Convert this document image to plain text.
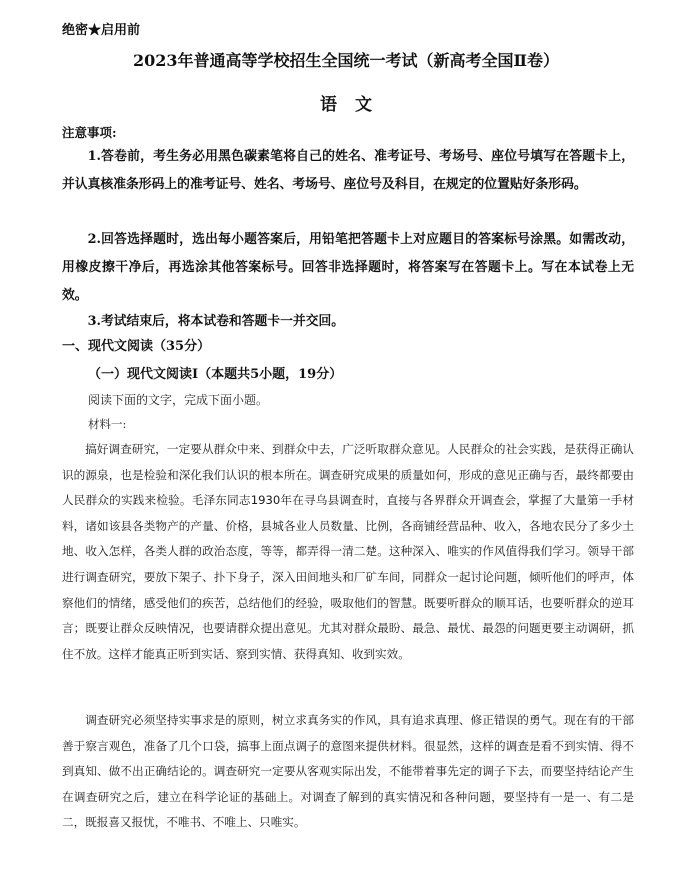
绝密★启用前
2023年普通高等学校招生全国统一考试（新高考全国Ⅱ卷）
语文
注意事项:
1.答卷前，考生务必用黑色碳素笔将自己的姓名、准考证号、考场号、座位号填写在答题卡上，并认真核准条形码上的准考证号、姓名、考场号、座位号及科目，在规定的位置贴好条形码。
2.回答选择题时，选出每小题答案后，用铅笔把答题卡上对应题目的答案标号涂黑。如需改动，用橡皮擦干净后，再选涂其他答案标号。回答非选择题时，将答案写在答题卡上。写在本试卷上无效。
3.考试结束后，将本试卷和答题卡一并交回。
一、现代文阅读（35分）
（一）现代文阅读Ⅰ（本题共5小题，19分）
阅读下面的文字，完成下面小题。
材料一:
搞好调查研究，一定要从群众中来、到群众中去，广泛听取群众意见。人民群众的社会实践，是获得正确认识的源泉，也是检验和深化我们认识的根本所在。调查研究成果的质量如何，形成的意见正确与否，最终都要由人民群众的实践来检验。毛泽东同志1930年在寻乌县调查时，直接与各界群众开调查会，掌握了大量第一手材料，诸如该县各类物产的产量、价格，县城各业人员数量、比例，各商铺经营品种、收入，各地农民分了多少土地、收入怎样，各类人群的政治态度，等等，都弄得一清二楚。这种深入、唯实的作风值得我们学习。领导干部进行调查研究，要放下架子、扑下身子，深入田间地头和厂矿车间，同群众一起讨论问题，倾听他们的呼声，体察他们的情绪，感受他们的疾苦，总结他们的经验，吸取他们的智慧。既要听群众的顺耳话，也要听群众的逆耳言；既要让群众反映情况，也要请群众提出意见。尤其对群众最盼、最急、最忧、最怨的问题更要主动调研，抓住不放。这样才能真正听到实话、察到实情、获得真知、收到实效。
调查研究必须坚持实事求是的原则，树立求真务实的作风，具有追求真理、修正错误的勇气。现在有的干部善于察言观色，准备了几个口袋，搞事上面点调子的意图来提供材料。很显然，这样的调查是看不到实情、得不到真知、做不出正确结论的。调查研究一定要从客观实际出发，不能带着事先定的调子下去，而要坚持结论产生在调查研究之后，建立在科学论证的基础上。对调查了解到的真实情况和各种问题，要坚持有一是一、有二是二，既报喜又报忧，不唯书、不唯上、只唯实。
